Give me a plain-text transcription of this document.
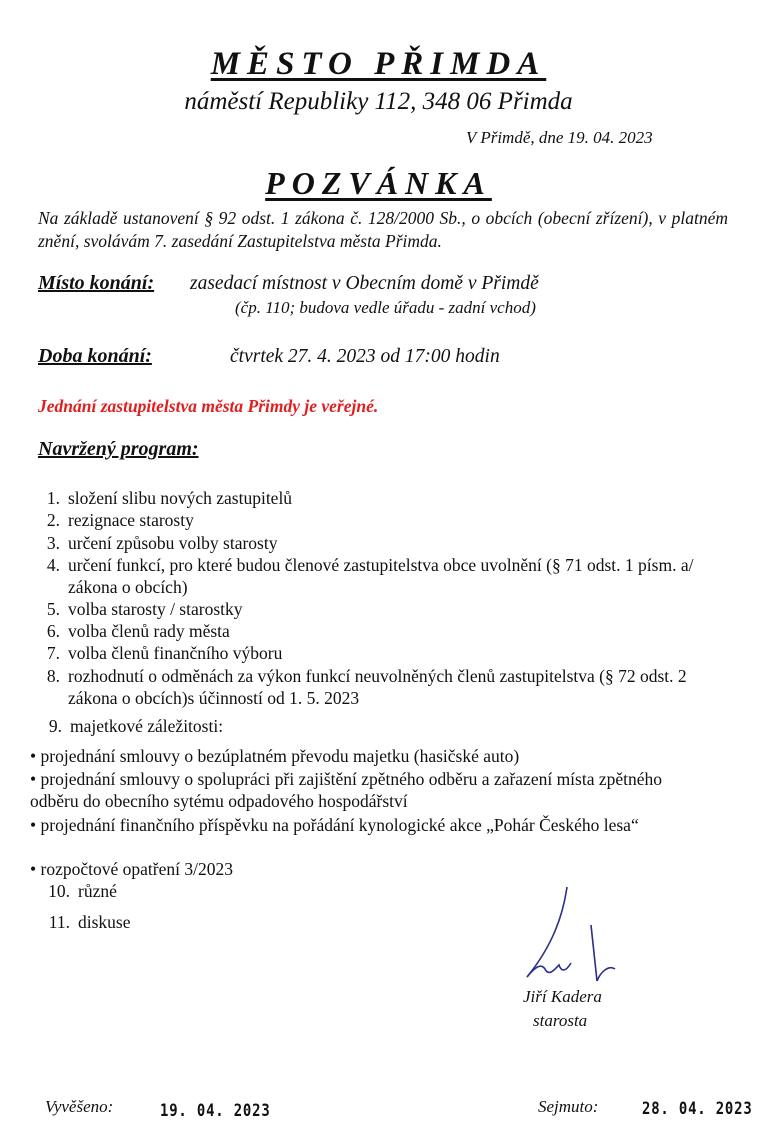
MĚSTO PŘIMDA
náměstí Republiky 112, 348 06 Přimda
V Přimdě, dne 19. 04. 2023
POZVÁNKA
Na základě ustanovení § 92 odst. 1 zákona č. 128/2000 Sb., o obcích (obecní zřízení), v platném znění, svolávám 7. zasedání Zastupitelstva města Přimda.
Místo konání: zasedací místnost v Obecním domě v Přimdě
(čp. 110; budova vedle úřadu - zadní vchod)
Doba konání:	čtvrtek 27. 4. 2023 od 17:00 hodin
Jednání zastupitelstva města Přimdy je veřejné.
Navržený program:
1. složení slibu nových zastupitelů
2. rezignace starosty
3. určení způsobu volby starosty
4. určení funkcí, pro které budou členové zastupitelstva obce uvolnění (§ 71 odst. 1 písm. a/ zákona o obcích)
5. volba starosty / starostky
6. volba členů rady města
7. volba členů finančního výboru
8. rozhodnutí o odměnách za výkon funkcí neuvolněných členů zastupitelstva (§ 72 odst. 2 zákona o obcích)s účinností od 1. 5. 2023
9. majetkové záležitosti:
• projednání smlouvy o bezúplatném převodu majetku (hasičské auto)
• projednání smlouvy o spolupráci při zajištění zpětného odběru a zařazení místa zpětného odběru do obecního sytému odpadového hospodářství
• projednání finančního příspěvku na pořádání kynologické akce „Pohár Českého lesa“
• rozpočtové opatření 3/2023
10. různé
11. diskuse
Jiří Kadera
starosta
Vyvěšeno:	19. 04. 2023	Sejmuto:	28. 04. 2023
